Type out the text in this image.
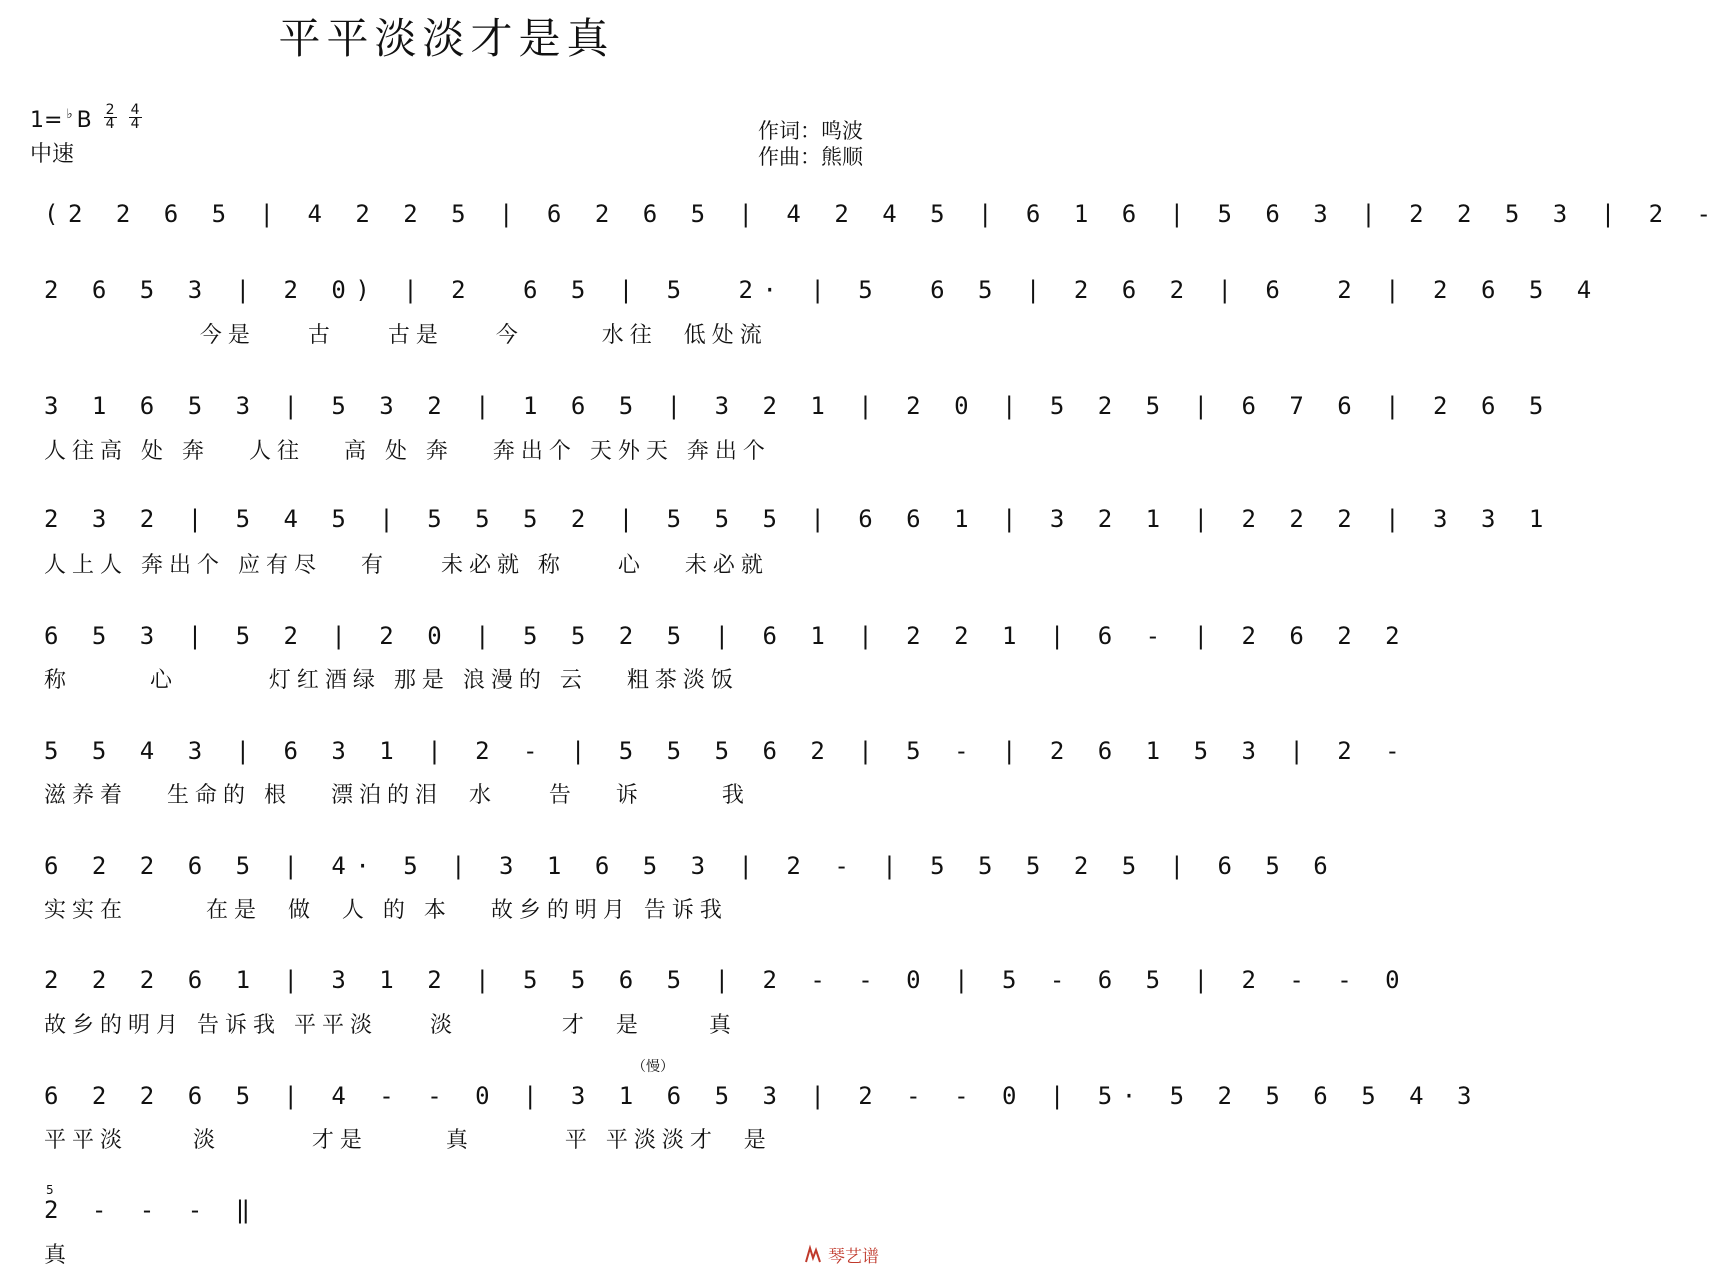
平平淡淡才是真
1= ♭ B $\frac{2}{4} \frac{4}{4}$
中速
作词：鸣波
作曲：熊顺
(2 2 6 5 | 4 2 2 5 | 6 2 6 5 | 4 2 4 5 | 6 1 6 | 5 6 3 | 2 2 5 3 | 2 -
2 6 5 3 | 2 0) | 2  6 5 | 5  2· | 5  6 5 | 2 6 2 | 6  2 | 2 6 5 4
今是    古    古是    今      水往  低处流
3 1 6 5 3 | 5 3 2 | 1 6 5 | 3 2 1 | 2 0 | 5 2 5 | 6 7 6 | 2 6 5
人往高 处 奔   人往   高 处 奔   奔出个 天外天 奔出个
2 3 2 | 5 4 5 | 5 5 5 2 | 5 5 5 | 6 6 1 | 3 2 1 | 2 2 2 | 3 3 1
人上人 奔出个 应有尽   有    未必就 称    心   未必就
6 5 3 | 5 2 | 2 0 | 5 5 2 5 | 6 1 | 2 2 1 | 6 - | 2 6 2 2
称      心       灯红酒绿 那是 浪漫的 云   粗茶淡饭
5 5 4 3 | 6 3 1 | 2 - | 5 5 5 6 2 | 5 - | 2 6 1 5 3 | 2 -
滋养着   生命的 根   漂泊的泪  水    告   诉      我
6 2 2 6 5 | 4· 5 | 3 1 6 5 3 | 2 - | 5 5 5 2 5 | 6 5 6
实实在      在是  做  人 的 本   故乡的明月 告诉我
2 2 2 6 1 | 3 1 2 | 5 5 6 5 | 2 - - 0 | 5 - 6 5 | 2 - - 0
故乡的明月 告诉我 平平淡    淡        才  是     真
6 2 2 6 5 | 4 - - 0 | 3 1 6 5 3 | 2 - - 0 | 5· 5 2 5 6 5 4 3
平平淡     淡       才是      真       平 平淡淡才  是
2 - - - ‖
真
（慢）
5
琴艺谱
